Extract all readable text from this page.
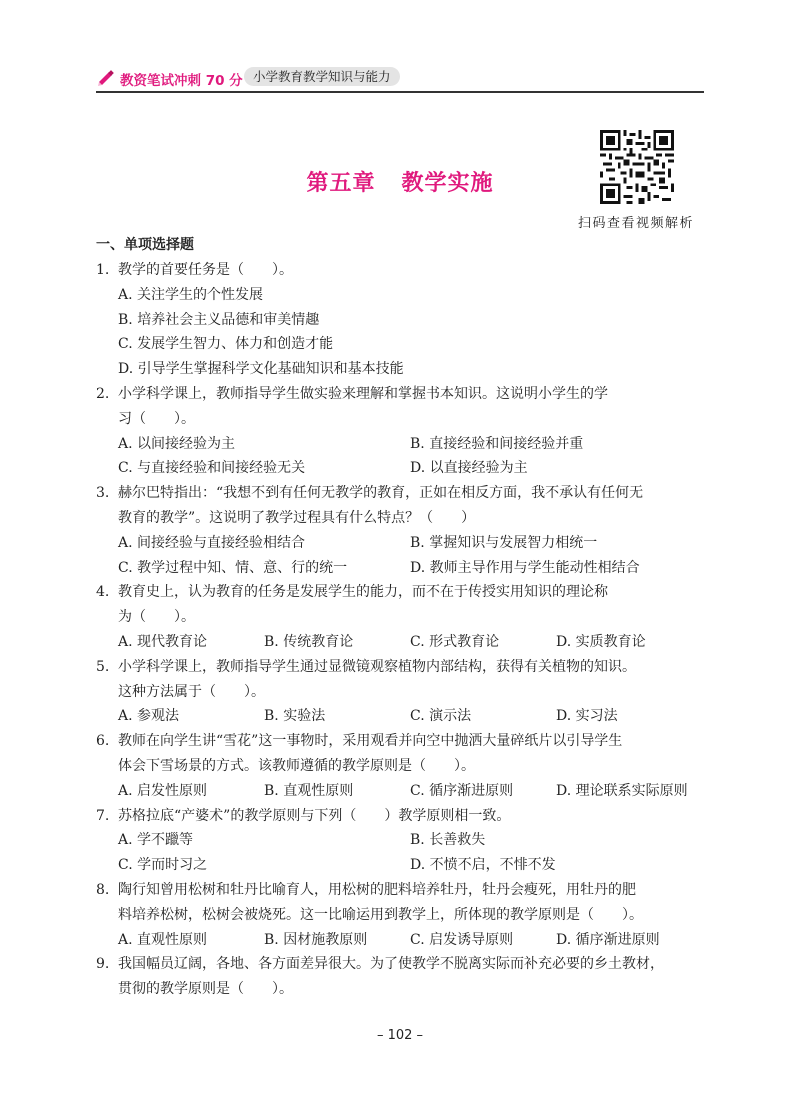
教资笔试冲刺 70 分 小学教育教学知识与能力
第五章 教学实施
扫码查看视频解析
一、单项选择题
1. 教学的首要任务是（　　）。
A. 关注学生的个性发展
B. 培养社会主义品德和审美情趣
C. 发展学生智力、体力和创造才能
D. 引导学生掌握科学文化基础知识和基本技能
2. 小学科学课上，教师指导学生做实验来理解和掌握书本知识。这说明小学生的学
习（　　）。
A. 以间接经验为主	B. 直接经验和间接经验并重
C. 与直接经验和间接经验无关	D. 以直接经验为主
3. 赫尔巴特指出：“我想不到有任何无教学的教育，正如在相反方面，我不承认有任何无
教育的教学”。这说明了教学过程具有什么特点？（　　）
A. 间接经验与直接经验相结合	B. 掌握知识与发展智力相统一
C. 教学过程中知、情、意、行的统一	D. 教师主导作用与学生能动性相结合
4. 教育史上，认为教育的任务是发展学生的能力，而不在于传授实用知识的理论称
为（　　）。
A. 现代教育论	B. 传统教育论	C. 形式教育论	D. 实质教育论
5. 小学科学课上，教师指导学生通过显微镜观察植物内部结构，获得有关植物的知识。
这种方法属于（　　）。
A. 参观法	B. 实验法	C. 演示法	D. 实习法
6. 教师在向学生讲“雪花”这一事物时，采用观看并向空中抛洒大量碎纸片以引导学生
体会下雪场景的方式。该教师遵循的教学原则是（　　）。
A. 启发性原则	B. 直观性原则	C. 循序渐进原则	D. 理论联系实际原则
7. 苏格拉底“产婆术”的教学原则与下列（　　）教学原则相一致。
A. 学不躐等	B. 长善救失
C. 学而时习之	D. 不愤不启，不悱不发
8. 陶行知曾用松树和牡丹比喻育人，用松树的肥料培养牡丹，牡丹会瘦死，用牡丹的肥
料培养松树，松树会被烧死。这一比喻运用到教学上，所体现的教学原则是（　　）。
A. 直观性原则	B. 因材施教原则	C. 启发诱导原则	D. 循序渐进原则
9. 我国幅员辽阔，各地、各方面差异很大。为了使教学不脱离实际而补充必要的乡土教材，
贯彻的教学原则是（　　）。
– 102 –
